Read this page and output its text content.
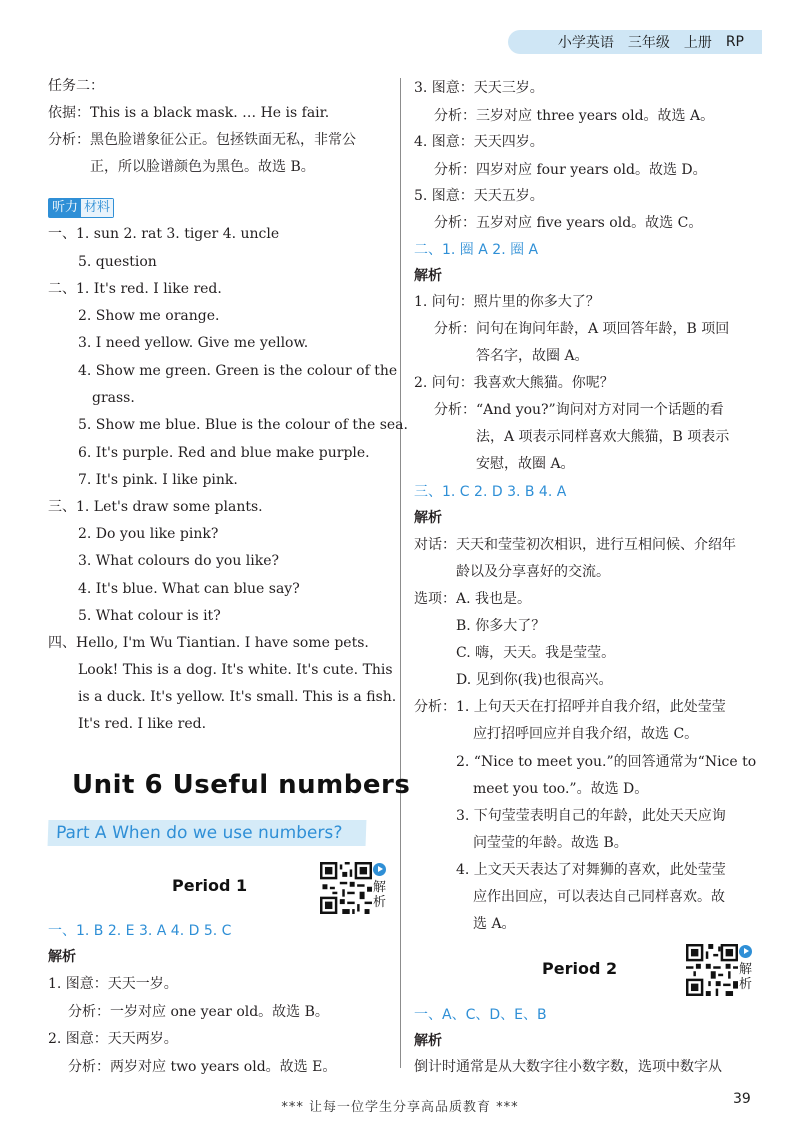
小学英语 三年级 上册 RP
任务二：
依据：This is a black mask. … He is fair.
分析：黑色脸谱象征公正。包拯铁面无私，非常公
正，所以脸谱颜色为黑色。故选 B。
听力 材料
一、1. sun 2. rat 3. tiger 4. uncle
5. question
二、1. It's red. I like red.
2. Show me orange.
3. I need yellow. Give me yellow.
4. Show me green. Green is the colour of the
grass.
5. Show me blue. Blue is the colour of the sea.
6. It's purple. Red and blue make purple.
7. It's pink. I like pink.
三、1. Let's draw some plants.
2. Do you like pink?
3. What colours do you like?
4. It's blue. What can blue say?
5. What colour is it?
四、Hello, I'm Wu Tiantian. I have some pets.
Look! This is a dog. It's white. It's cute. This
is a duck. It's yellow. It's small. This is a fish.
It's red. I like red.
Unit 6 Useful numbers
Part A When do we use numbers?
Period 1	解析
一、1. B 2. E 3. A 4. D 5. C
解析
1. 图意：天天一岁。
分析：一岁对应 one year old。故选 B。
2. 图意：天天两岁。
分析：两岁对应 two years old。故选 E。
3. 图意：天天三岁。
分析：三岁对应 three years old。故选 A。
4. 图意：天天四岁。
分析：四岁对应 four years old。故选 D。
5. 图意：天天五岁。
分析：五岁对应 five years old。故选 C。
二、1. 圈 A 2. 圈 A
解析
1. 问句：照片里的你多大了？
分析：问句在询问年龄，A 项回答年龄，B 项回
答名字，故圈 A。
2. 问句：我喜欢大熊猫。你呢？
分析：“And you?”询问对方对同一个话题的看
法，A 项表示同样喜欢大熊猫，B 项表示
安慰，故圈 A。
三、1. C 2. D 3. B 4. A
解析
对话：天天和莹莹初次相识，进行互相问候、介绍年
龄以及分享喜好的交流。
选项：A. 我也是。
B. 你多大了？
C. 嗨，天天。我是莹莹。
D. 见到你(我)也很高兴。
分析：1. 上句天天在打招呼并自我介绍，此处莹莹
应打招呼回应并自我介绍，故选 C。
2. “Nice to meet you.”的回答通常为“Nice to
meet you too.”。故选 D。
3. 下句莹莹表明自己的年龄，此处天天应询
问莹莹的年龄。故选 B。
4. 上文天天表达了对舞狮的喜欢，此处莹莹
应作出回应，可以表达自己同样喜欢。故
选 A。
Period 2	解析
一、A、C、D、E、B
解析
倒计时通常是从大数字往小数字数，选项中数字从
*** 让每一位学生分享高品质教育 ***
39
